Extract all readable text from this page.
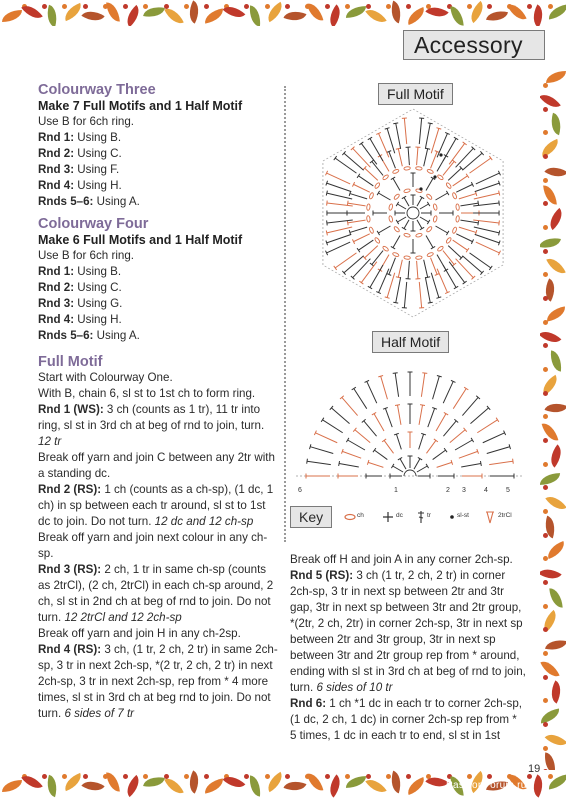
Accessory
Colourway Three
Make 7 Full Motifs and 1 Half Motif

Use B for 6ch ring.

Rnd 1: Using B.

Rnd 2: Using C.

Rnd 3: Using F.

Rnd 4: Using H.

Rnds 5–6: Using A.

Colourway Four
Make 6 Full Motifs and 1 Half Motif

Use B for 6ch ring.

Rnd 1: Using B.

Rnd 2: Using C.

Rnd 3: Using G.

Rnd 4: Using H.

Rnds 5–6: Using A.

Full Motif

Start with Colourway One.

With B, chain 6, sl st to 1st ch to form ring.

Rnd 1 (WS): 3 ch (counts as 1 tr), 11 tr into ring, sl st in 3rd ch at beg of rnd to join, turn. 12 tr

Break off yarn and join C between any 2tr with a standing dc.

Rnd 2 (RS): 1 ch (counts as a ch-sp), (1 dc, 1 ch) in sp between each tr around, sl st to 1st dc to join. Do not turn. 12 dc and 12 ch-sp

Break off yarn and join next colour in any ch-sp.

Rnd 3 (RS): 2 ch, 1 tr in same ch-sp (counts as 2trCl), (2 ch, 2trCl) in each ch-sp around, 2 ch, sl st in 2nd ch at beg of rnd to join. Do not turn. 12 2trCl and 12 2ch-sp

Break off yarn and join H in any ch-2sp.

Rnd 4 (RS): 3 ch, (1 tr, 2 ch, 2 tr) in same 2ch-sp, 3 tr in next 2ch-sp, *(2 tr, 2 ch, 2 tr) in next 2ch-sp, 3 tr in next 2ch-sp, rep from * 4 more times, sl st in 3rd ch at beg rnd to join. Do not turn. 6 sides of 7 tr

Full Motif
Half Motif
6	1	2 3	4	5
Key	ch	dc	tr	sl-st	2trCl

Break off H and join A in any corner 2ch-sp.

Rnd 5 (RS): 3 ch (1 tr, 2 ch, 2 tr) in corner 2ch-sp, 3 tr in next sp between 2tr and 3tr gap, 3tr in next sp between 3tr and 2tr group, *(2tr, 2 ch, 2tr) in corner 2ch-sp, 3tr in next sp between 2tr and 3tr group, 3tr in next sp between 3tr and 2tr group rep from * around, ending with sl st in 3rd ch at beg of rnd to join, turn. 6 sides of 10 tr

Rnd 6: 1 ch *1 dc in each tr to corner 2ch-sp, (1 dc, 2 ch, 1 dc) in corner 2ch-sp rep from * 5 times, 1 dc in each tr to end, sl st in 1st

19
PassionForum.ru
